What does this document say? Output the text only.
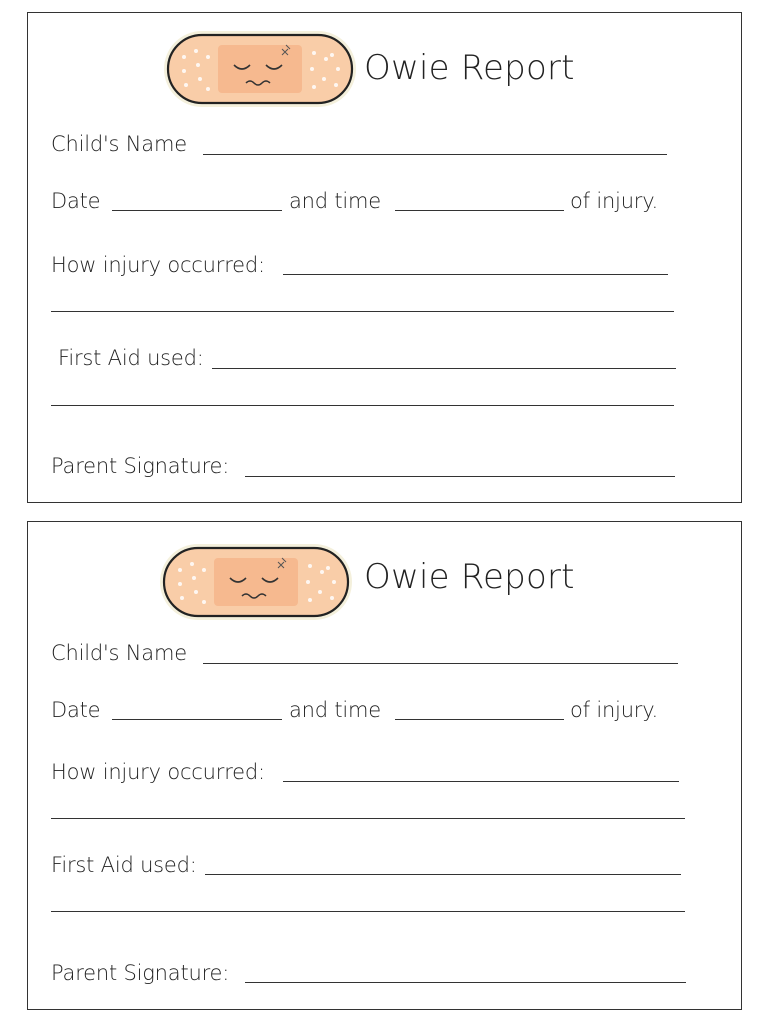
Owie Report
Child's Name
Date	and time	of injury.
How injury occurred:
First Aid used:
Parent Signature:
Owie Report
Child's Name
Date	and time	of injury.
How injury occurred:
First Aid used:
Parent Signature:
